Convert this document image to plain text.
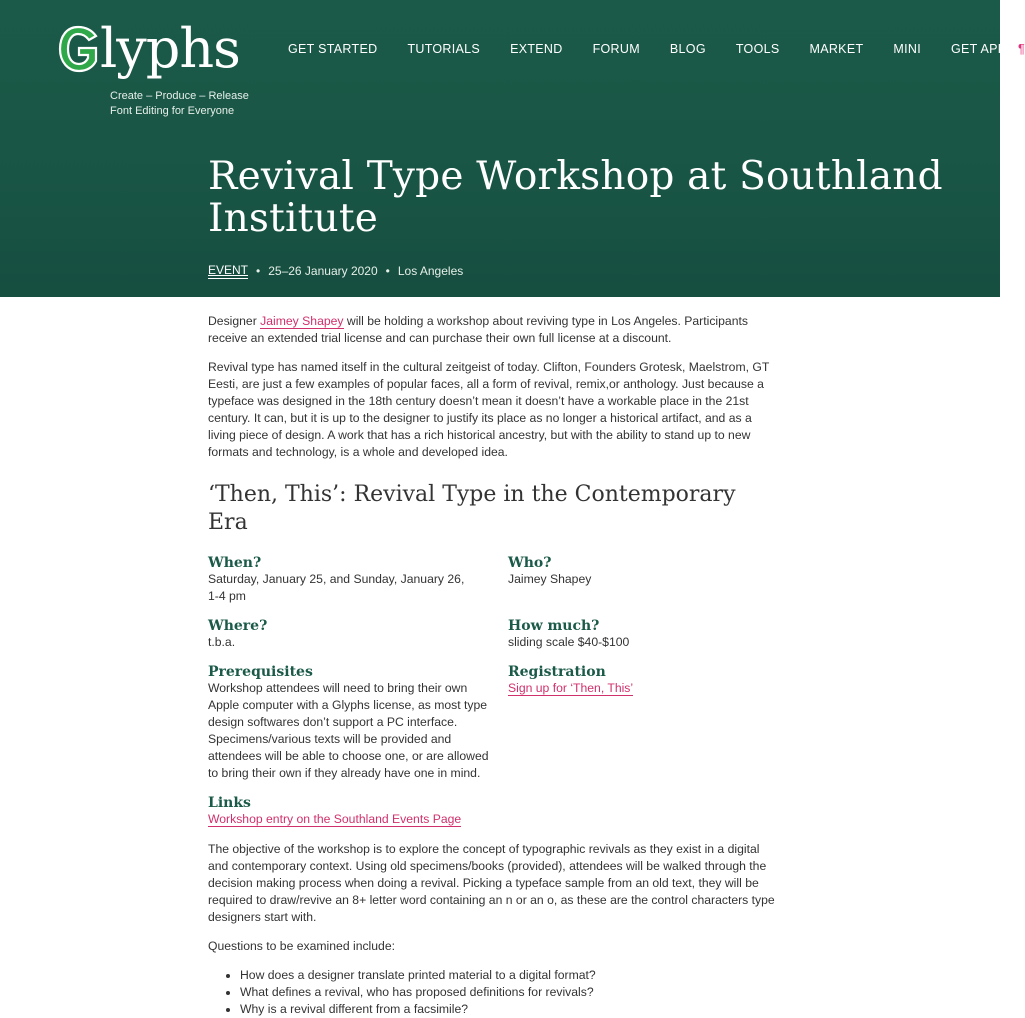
lyphs
Create – Produce – Release
Font Editing for Everyone
GET STARTED TUTORIALS EXTEND FORUM BLOG TOOLS MARKET MINI GET APPS ¶
Revival Type Workshop at Southland Institute
EVENT • 25–26 January 2020 • Los Angeles

Designer Jaimey Shapey will be holding a workshop about reviving type in Los Angeles. Participants receive an extended trial license and can purchase their own full license at a discount.

Revival type has named itself in the cultural zeitgeist of today. Clifton, Founders Grotesk, Maelstrom, GT Eesti, are just a few examples of popular faces, all a form of revival, remix,or anthology. Just because a typeface was designed in the 18th century doesn’t mean it doesn’t have a workable place in the 21st century. It can, but it is up to the designer to justify its place as no longer a historical artifact, and as a living piece of design. A work that has a rich historical ancestry, but with the ability to stand up to new formats and technology, is a whole and developed idea.

‘Then, This’: Revival Type in the Contemporary Era
When?
Saturday, January 25, and Sunday, January 26,
1-4 pm
Who?
Jaimey Shapey
Where?
t.b.a.
How much?
sliding scale $40-$100
Prerequisites
Workshop attendees will need to bring their own Apple computer with a Glyphs license, as most type design softwares don’t support a PC interface. Specimens/various texts will be provided and attendees will be able to choose one, or are allowed to bring their own if they already have one in mind.
Registration
Sign up for ‘Then, This’
Links
Workshop entry on the Southland Events Page

The objective of the workshop is to explore the concept of typographic revivals as they exist in a digital and contemporary context. Using old specimens/books (provided), attendees will be walked through the decision making process when doing a revival. Picking a typeface sample from an old text, they will be required to draw/revive an 8+ letter word containing an n or an o, as these are the control characters type designers start with.

Questions to be examined include:

• How does a designer translate printed material to a digital format?
• What defines a revival, who has proposed definitions for revivals?
• Why is a revival different from a facsimile?
